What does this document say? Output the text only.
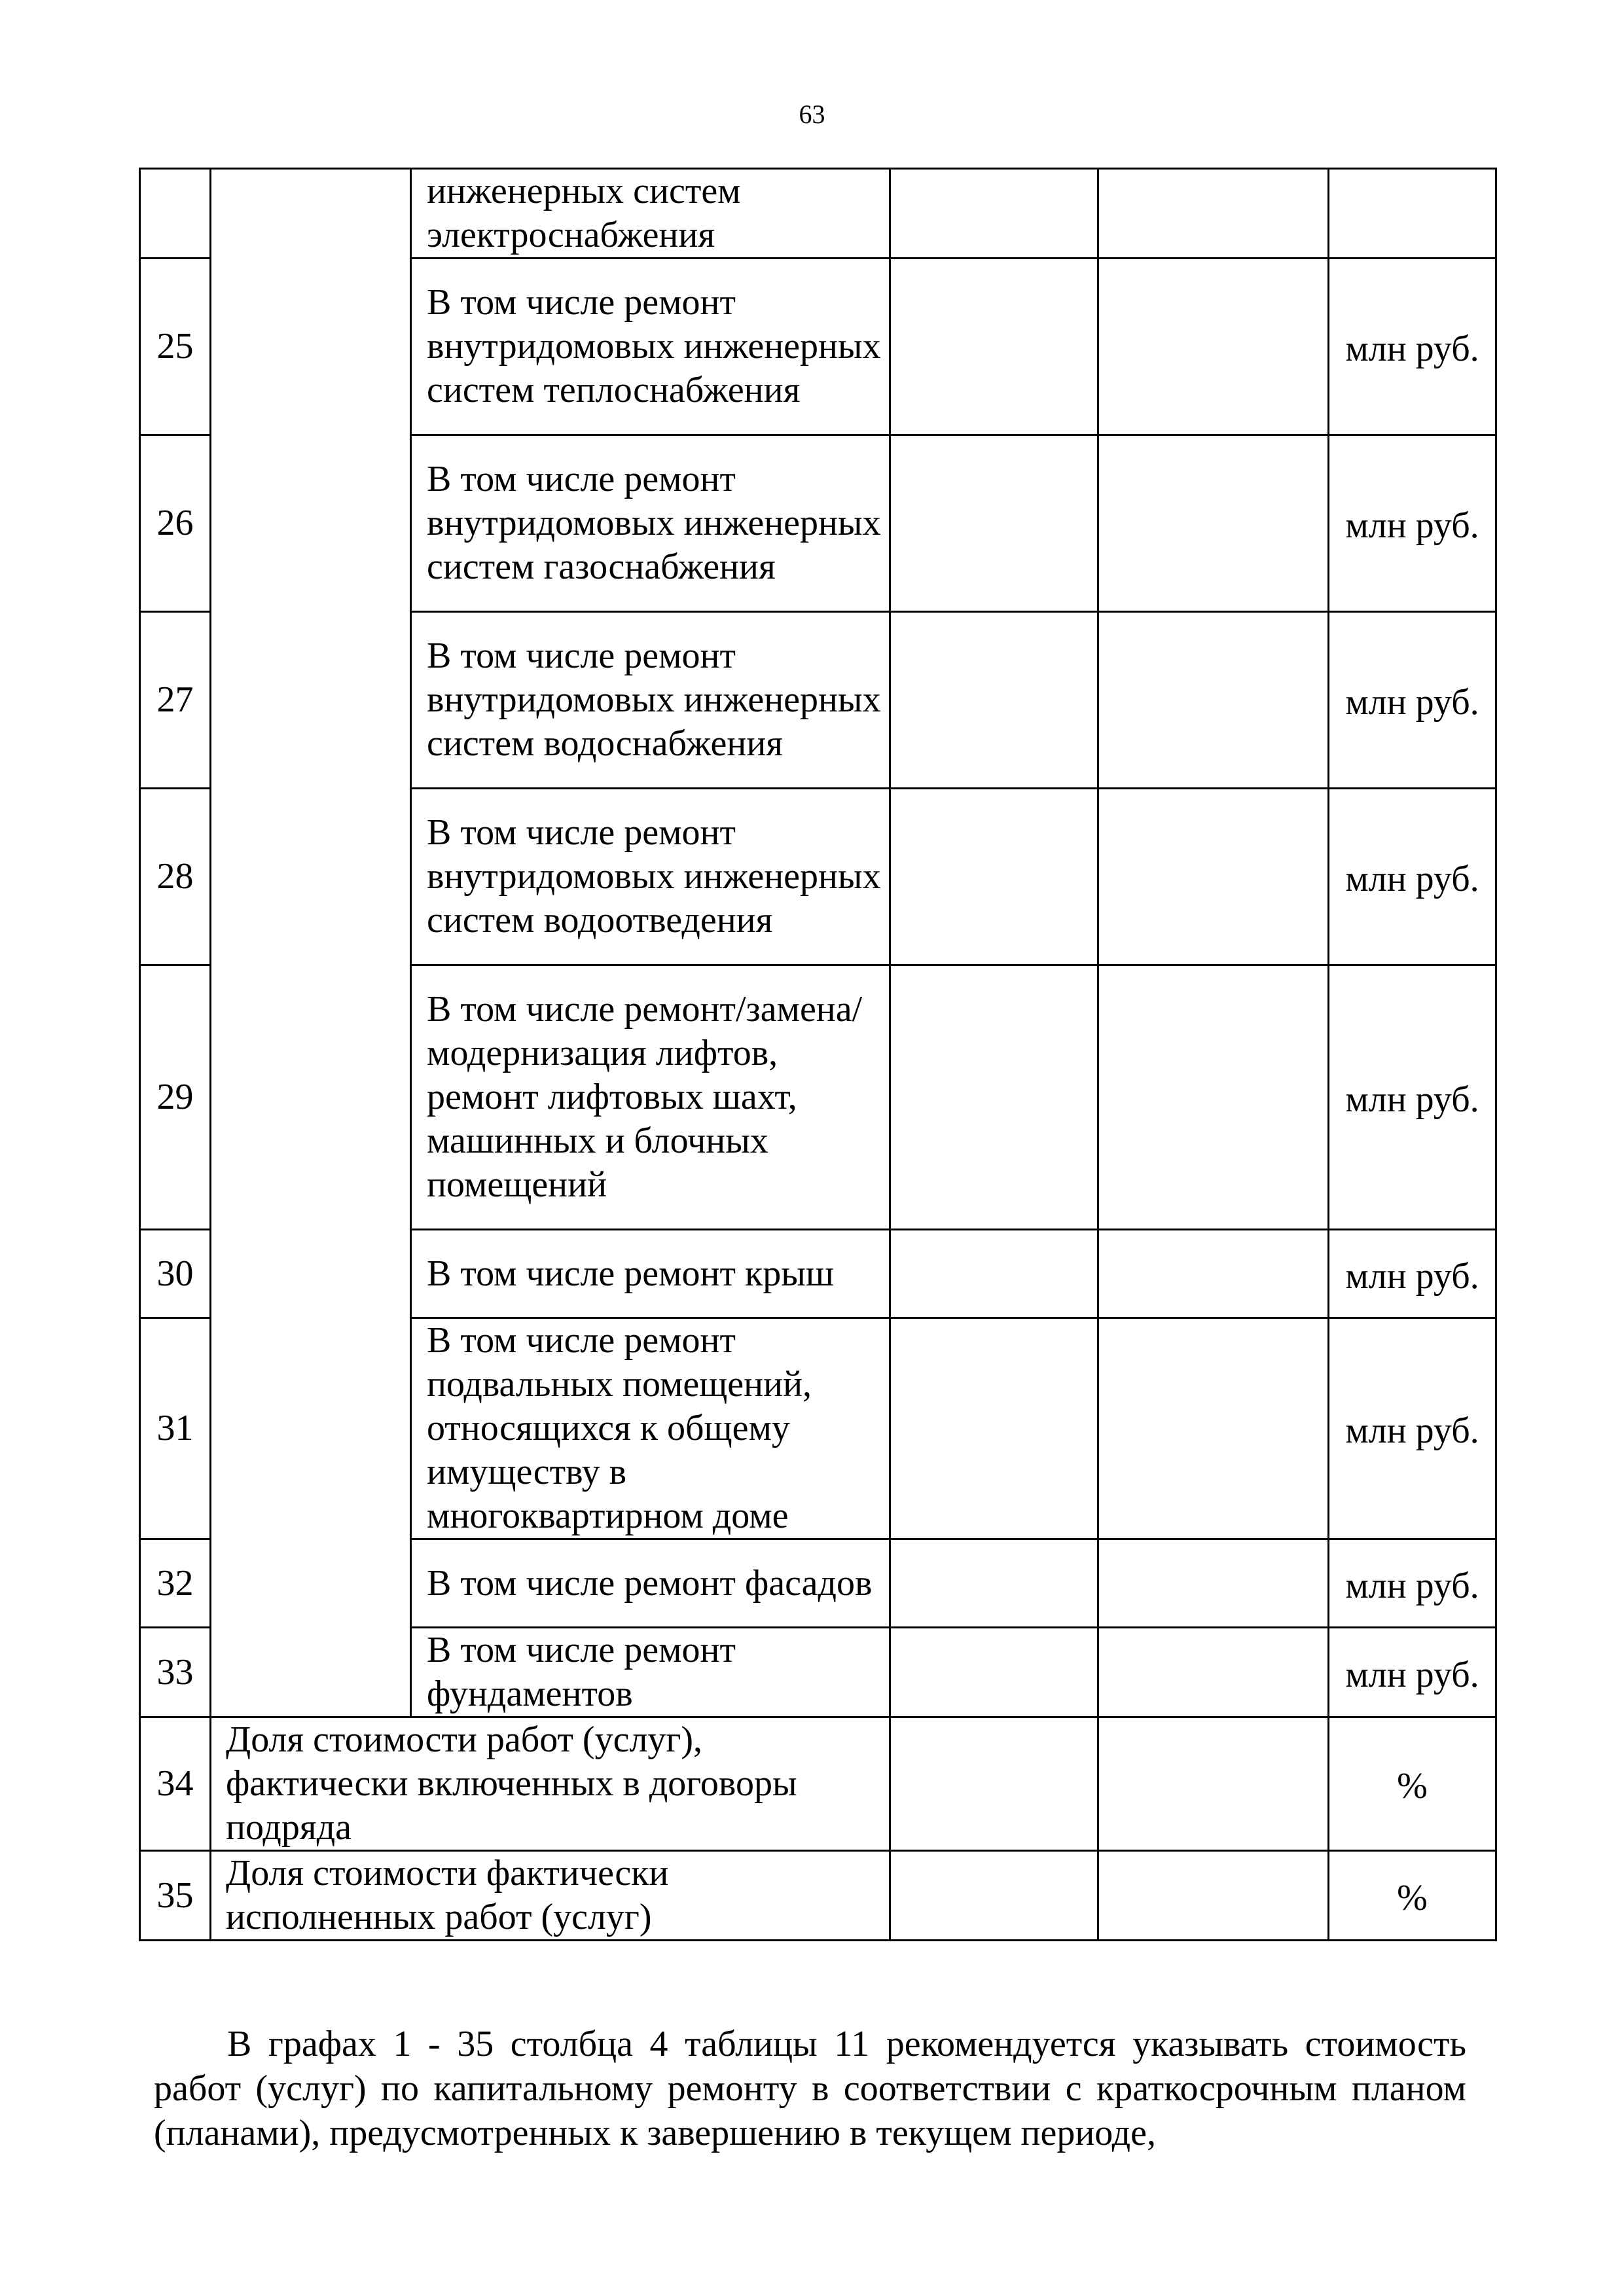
63
		инженерных систем электроснабжения			
25		В том числе ремонт внутридомовых инженерных систем теплоснабжения			млн руб.
26		В том числе ремонт внутридомовых инженерных систем газоснабжения			млн руб.
27		В том числе ремонт внутридомовых инженерных систем водоснабжения			млн руб.
28		В том числе ремонт внутридомовых инженерных систем водоотведения			млн руб.
29		В том числе ремонт/замена/модернизация лифтов, ремонт лифтовых шахт, машинных и блочных помещений			млн руб.
30		В том числе ремонт крыш			млн руб.
31		В том числе ремонт подвальных помещений, относящихся к общему имуществу в многоквартирном доме			млн руб.
32		В том числе ремонт фасадов			млн руб.
33		В том числе ремонт фундаментов			млн руб.
34	Доля стоимости работ (услуг), фактически включенных в договоры подряда				%
35	Доля стоимости фактически исполненных работ (услуг)				%

В графах 1 - 35 столбца 4 таблицы 11 рекомендуется указывать стоимость работ (услуг) по капитальному ремонту в соответствии с краткосрочным планом (планами), предусмотренных к завершению в текущем периоде,
